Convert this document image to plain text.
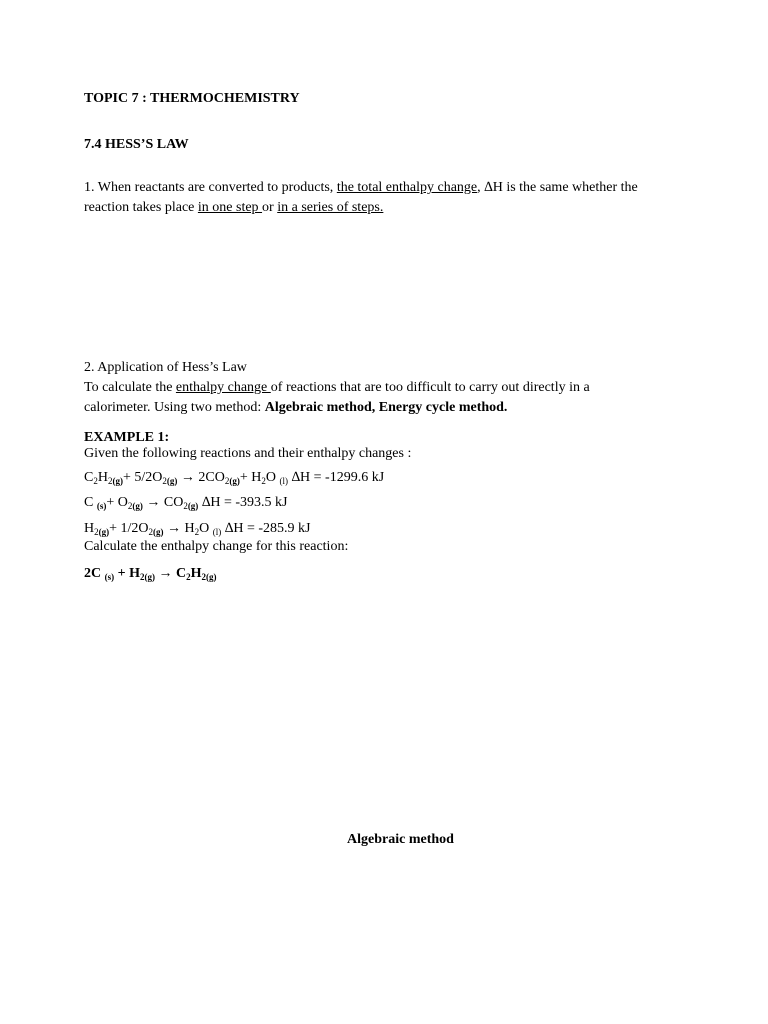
TOPIC 7 : THERMOCHEMISTRY
7.4 HESS’S LAW
1. When reactants are converted to products, the total enthalpy change, ∆H is the same whether the
reaction takes place in one step or in a series of steps.
2. Application of Hess’s Law
To calculate the enthalpy change of reactions that are too difficult to carry out directly in a
calorimeter. Using two method: Algebraic method, Energy cycle method.
EXAMPLE 1:
Given the following reactions and their enthalpy changes :
$C_2H_{2(g)}+ 5/2O_{2(g)} \to 2CO_{2(g)}+ H_2O$ $_{(l)}$ ∆H = -1299.6 kJ
C $_{(s)}+ O_{2(g)} \to CO_{2(g)}$ ∆H = -393.5 kJ
$H_{2(g)}+ 1/2O_{2(g)} \to H_2O$ $_{(l)}$ ∆H = -285.9 kJ
Calculate the enthalpy change for this reaction:
2C $_{(s)} + H_{2(g)} \to C_2H_{2(g)}$
Algebraic method
